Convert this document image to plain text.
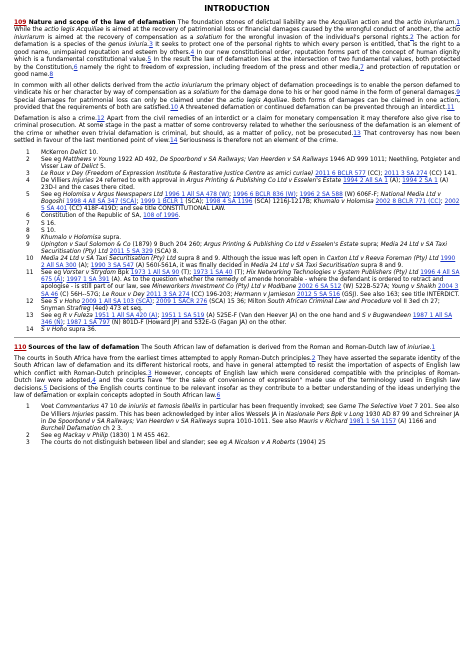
INTRODUCTION

109 Nature and scope of the law of defamation The foundation stones of delictual liability are the Acquilian action and the actio iniuriarum.1 While the actio legis Acquiliae is aimed at the recovery of patrimonial loss or financial damages caused by the wrongful conduct of another, the actio iniuriarum is aimed at the recovery of compensation as a solatium for the wrongful invasion of the individual's personal rights.2 The action for defamation is a species of the genus iniuria.3 It seeks to protect one of the personal rights to which every person is entitled, that is the right to a good name, unimpaired reputation and esteem by others.4 In our new constitutional order, reputation forms part of the concept of human dignity which is a fundamental constitutional value.5 In the result the law of defamation lies at the intersection of two fundamental values, both protected by the Constitution,6 namely the right to freedom of expression, including freedom of the press and other media,7 and protection of reputation or good name.8

In common with all other delicts derived from the actio iniuriarum the primary object of defamation proceedings is to enable the person defamed to vindicate his or her character by way of compensation as a solatium for the damage done to his or her good name in the form of general damages.9 Special damages for patrimonial loss can only be claimed under the actio legis Aquiliae. Both forms of damages can be claimed in one action, provided that the requirements of both are satisfied.10 A threatened defamation or continued defamation can be prevented through an interdict.11

Defamation is also a crime.12 Apart from the civil remedies of an interdict or a claim for monetary compensation it may therefore also give rise to criminal prosecution. At some stage in the past a matter of some controversy related to whether the seriousness of the defamation is an element of the crime or whether even trivial defamation is criminal, but should, as a matter of policy, not be prosecuted.13 That controversy has now been settled in favour of the last mentioned point of view.14 Seriousness is therefore not an element of the crime.

1	McKerron Delict 10.
2	See eg Matthews v Young 1922 AD 492, De Spoorbond v SA Railways; Van Heerden v SA Railways 1946 AD 999 1011; Neethling, Potgieter and Visser Law of Delict 5.
3	Le Roux v Dey (Freedom of Expression Institute & Restorative Justice Centre as amici curiae) 2011 6 BCLR 577 (CC); 2011 3 SA 274 (CC) 141.
4	De Villiers Injuries 24 referred to with approval in Argus Printing & Publishing Co Ltd v Esselen's Estate 1994 2 All SA 1 (A); 1994 2 SA 1 (A) 23D-I and the cases there cited.
5	See eg Holomisa v Argus Newspapers Ltd 1996 1 All SA 478 (W); 1996 6 BCLR 836 (W); 1996 2 SA 588 (W) 606F-F; National Media Ltd v Bogoshi 1998 4 All SA 347 (SCA); 1999 1 BCLR 1 (SCA); 1998 4 SA 1196 (SCA) 1216J-1217B; Khumalo v Holomisa 2002 8 BCLR 771 (CC); 2002 5 SA 401 (CC) 418F-419D; and see title CONSTITUTIONAL LAW.
6	Constitution of the Republic of SA, 108 of 1996.
7	S 16.
8	S 10.
9	Khumalo v Holomisa supra.
9	Upington v Saul Solomon & Co (1879) 9 Buch 204 260; Argus Printing & Publishing Co Ltd v Esselen's Estate supra; Media 24 Ltd v SA Taxi Securitisation (Pty) Ltd 2011 5 SA 329 (SCA) 8.
10	Media 24 Ltd v SA Taxi Securitisation (Pty) Ltd supra 8 and 9. Although the issue was left open in Caxton Ltd v Reeva Foreman (Pty) Ltd 1990 2 All SA 300 (A); 1990 3 SA 547 (A) 560I-561A, it was finally decided in Media 24 Ltd v SA Taxi Securitisation supra 8 and 9.
11	See eg Vorster v Strydom Bpk 1973 1 All SA 90 (T); 1973 1 SA 40 (T); Hix Networking Technologies v System Publishers (Pty) Ltd 1996 4 All SA 675 (A); 1997 1 SA 391 (A). As to the question whether the remedy of amende honorable - where the defendant is ordered to retract and apologise - is still part of our law, see Mineworkers Investment Co (Pty) Ltd v Modibane 2002 6 SA 512 (W) 522B-527A; Young v Shaikh 2004 3 SA 46 (C) 56H--57G; Le Roux v Dey 2011 3 SA 274 (CC) 196-203; Hermann v Jamieson 2012 5 SA 516 (GSJ). See also 163; see title INTERDICT.
12	See S v Hoho 2009 1 All SA 103 (SCA); 2009 1 SACR 276 (SCA) 15 36; Milton South African Criminal Law and Procedure vol II 3ed ch 27; Snyman Strafreg (4ed) 473 et seq.
13	See eg R v Fuleza 1951 1 All SA 420 (A); 1951 1 SA 519 (A) 525E-F (Van den Heever JA) on the one hand and S v Bugwandeen 1987 1 All SA 346 (N); 1987 1 SA 797 (N) 801D-F (Howard JP) and 532E-G (Fagan JA) on the other.
14	S v Hoho supra 36.

110 Sources of the law of defamation The South African law of defamation is derived from the Roman and Roman-Dutch law of iniuriae.1

The courts in South Africa have from the earliest times attempted to apply Roman-Dutch principles.2 They have asserted the separate identity of the South African law of defamation and its different historical roots, and have in general attempted to resist the importation of aspects of English law which conflict with Roman-Dutch principles.3 However, concepts of English law which were considered compatible with the principles of Roman-Dutch law were adopted,4 and the courts have "for the sake of convenience of expression" made use of the terminology used in English law decisions.5 Decisions of the English courts continue to be relevant insofar as they contribute to a better understanding of the ideas underlying the law of defamation or explain concepts adopted in South African law.6

1	Voet Commentarius 47 10 de iniuriis et famosis libellis in particular has been frequently invoked; see Game The Selective Voet 7 201. See also De Villiers Injuries passim. This has been acknowledged by inter alios Wessels JA in Nasionale Pers Bpk v Long 1930 AD 87 99 and Schreiner JA in De Spoorbond v SA Railways; Van Heerden v SA Railways supra 1010-1011. See also Mauris v Richard 1981 1 SA 1157 (A) 1166 and Burchell Defamation ch 2 3.
2	See eg Mackay v Philip (1830) 1 M 455 462.
3	The courts do not distinguish between libel and slander; see eg A Nicolson v A Roberts (1904) 25
